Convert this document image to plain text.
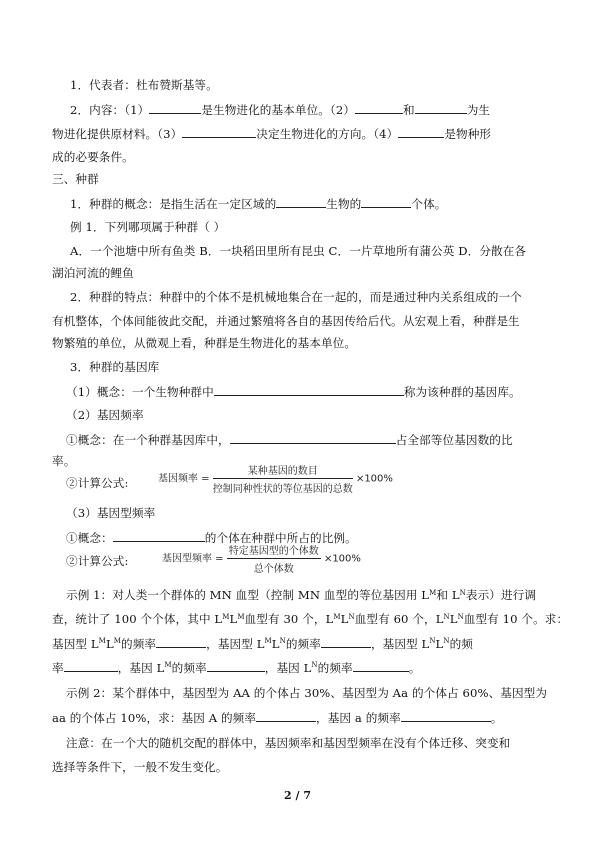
1．代表者：杜布赞斯基等。
2．内容：（1）	是生物进化的基本单位。（2）	和	为生
物进化提供原材料。（3）	决定生物进化的方向。（4）	是物种形
成的必要条件。
三、种群
1．种群的概念：是指生活在一定区域的	生物的	个体。
例 1．下列哪项属于种群（ ）
A．一个池塘中所有鱼类 B．一块稻田里所有昆虫 C．一片草地所有蒲公英 D．分散在各
湖泊河流的鲤鱼
2．种群的特点：种群中的个体不是机械地集合在一起的，而是通过种内关系组成的一个
有机整体，个体间能彼此交配，并通过繁殖将各自的基因传给后代。从宏观上看，种群是生
物繁殖的单位，从微观上看，种群是生物进化的基本单位。
3．种群的基因库
（1）概念：一个生物种群中	称为该种群的基因库。
（2）基因频率
①概念：在一个种群基因库中，	占全部等位基因数的比
率。
②计算公式:	基因频率 = $\frac{\text{某种基因的数目}}{\text{控制同种性状的等位基因的总数}} \times 100\%$
（3）基因型频率
①概念：	的个体在种群中所占的比例。
②计算公式:	基因型频率 = $\frac{\text{特定基因型的个体数}}{\text{总个体数}} \times 100\%$
示例 1：对人类一个群体的 MN 血型（控制 MN 血型的等位基因用 $L^M$和 $L^N$表示）进行调
查，统计了 100 个个体，其中 $L^ML^M$血型有 30 个，$L^ML^N$血型有 60 个，$L^NL^N$血型有 10 个。求：
基因型 $L^ML^M$的频率	，基因型 $L^ML^N$的频率	，基因型 $L^NL^N$的频
率	，基因 $L^M$的频率	，基因 $L^N$的频率	。
示例 2：某个群体中，基因型为 AA 的个体占 30%、基因型为 Aa 的个体占 60%、基因型为
aa 的个体占 10%，求：基因 A 的频率	，基因 a 的频率	。
注意：在一个大的随机交配的群体中，基因频率和基因型频率在没有个体迁移、突变和
选择等条件下，一般不发生变化。
2 / 7
